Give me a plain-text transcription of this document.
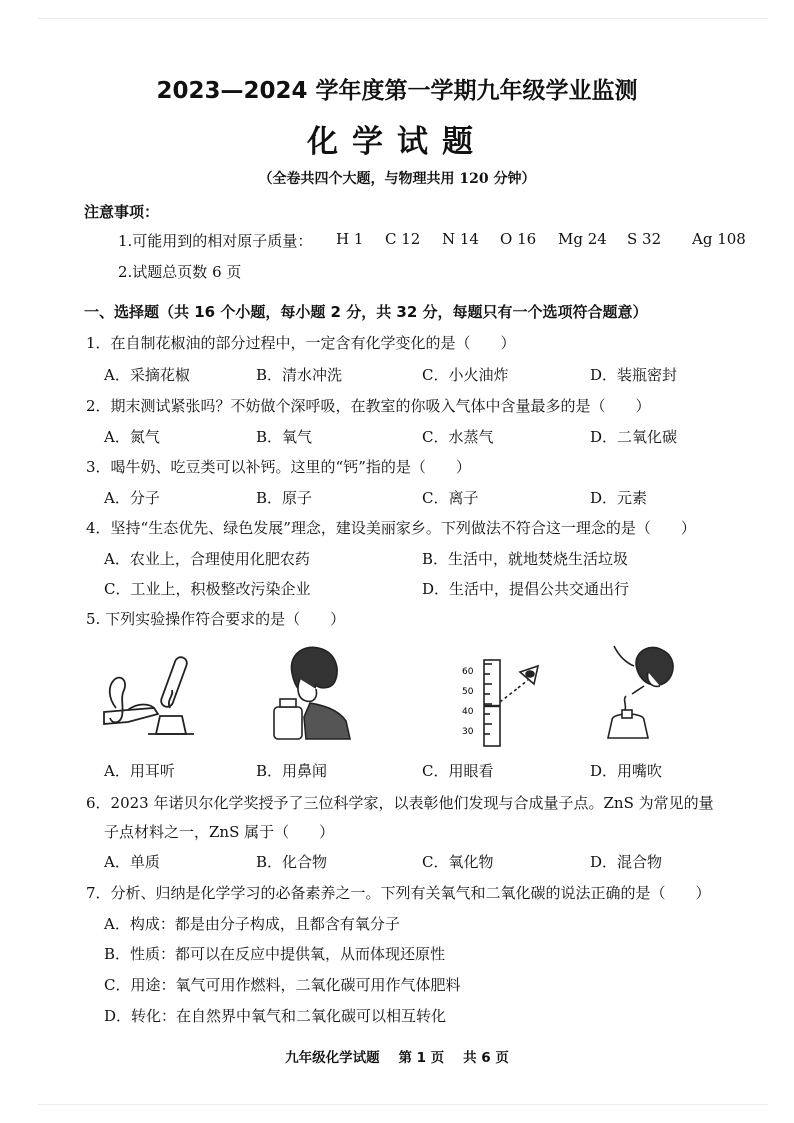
2023—2024 学年度第一学期九年级学业监测
化学试题
（全卷共四个大题，与物理共用 120 分钟）
注意事项：
1.可能用到的相对原子质量： H 1 C 12 N 14 O 16 Mg 24 S 32 Ag 108
2.试题总页数 6 页
一、选择题（共 16 个小题，每小题 2 分，共 32 分，每题只有一个选项符合题意）
1．在自制花椒油的部分过程中，一定含有化学变化的是（　　）
A．采摘花椒	B．清水冲洗	C．小火油炸	D．装瓶密封
2．期末测试紧张吗？不妨做个深呼吸，在教室的你吸入气体中含量最多的是（　　）
A．氮气	B．氧气	C．水蒸气	D．二氧化碳
3．喝牛奶、吃豆类可以补钙。这里的“钙”指的是（　　）
A．分子	B．原子	C．离子	D．元素
4．坚持“生态优先、绿色发展”理念，建设美丽家乡。下列做法不符合这一理念的是（　　）
A．农业上，合理使用化肥农药	B．生活中，就地焚烧生活垃圾
C．工业上，积极整改污染企业	D．生活中，提倡公共交通出行
5. 下列实验操作符合要求的是（　　）
60
50
40
30
A．用耳听	B．用鼻闻	C．用眼看	D．用嘴吹
6．2023 年诺贝尔化学奖授予了三位科学家，以表彰他们发现与合成量子点。ZnS 为常见的量
子点材料之一，ZnS 属于（　　）
A．单质	B．化合物	C．氧化物	D．混合物
7．分析、归纳是化学学习的必备素养之一。下列有关氧气和二氧化碳的说法正确的是（　　）
A．构成：都是由分子构成，且都含有氧分子
B．性质：都可以在反应中提供氧，从而体现还原性
C．用途：氧气可用作燃料，二氧化碳可用作气体肥料
D．转化：在自然界中氧气和二氧化碳可以相互转化
九年级化学试题 第 1 页 共 6 页
